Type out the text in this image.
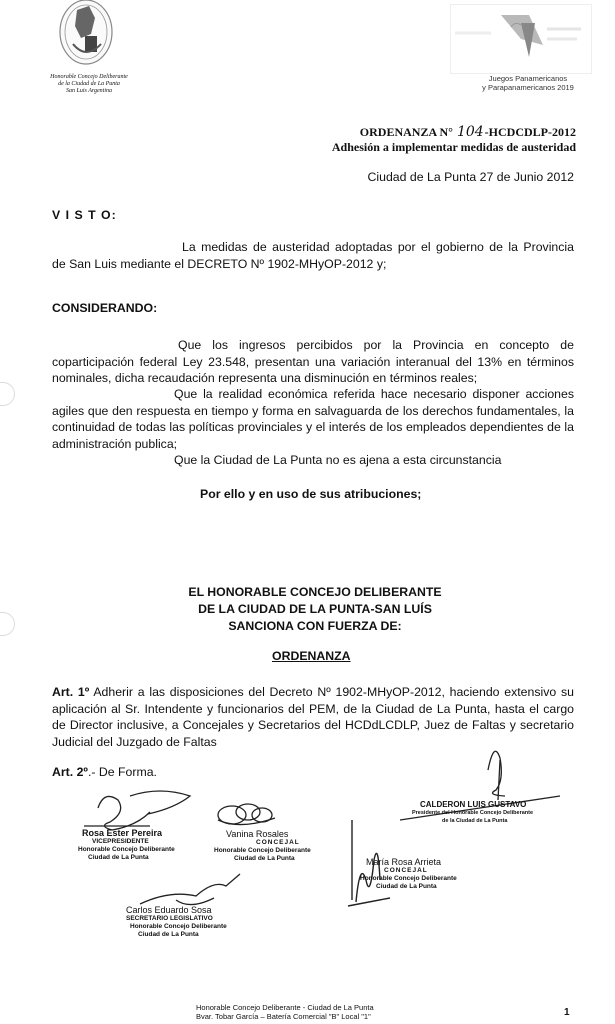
Honorable Concejo Deliberante
de la Ciudad de La Punta
San Luis Argentina
Juegos Panamericanos
y Parapanamericanos 2019
ORDENANZA N° 104-HCDCDLP-2012
Adhesión a implementar medidas de austeridad
Ciudad de La Punta 27 de Junio 2012
V I S T O:
La medidas de austeridad adoptadas por el gobierno de la Provincia
de San Luis mediante el DECRETO Nº 1902-MHyOP-2012 y;
CONSIDERANDO:
Que los ingresos percibidos por la Provincia en concepto de
coparticipación federal Ley 23.548, presentan una variación interanual del 13% en términos nominales, dicha recaudación representa una disminución en términos reales;
Que la realidad económica referida hace necesario disponer acciones
agiles que den respuesta en tiempo y forma en salvaguarda de los derechos fundamentales, la continuidad de todas las políticas provinciales y el interés de los empleados dependientes de la administración publica;
Que la Ciudad de La Punta no es ajena a esta circunstancia
Por ello y en uso de sus atribuciones;
EL HONORABLE CONCEJO DELIBERANTE
DE LA CIUDAD DE LA PUNTA-SAN LUÍS
SANCIONA CON FUERZA DE:
ORDENANZA
Art. 1º Adherir a las disposiciones del Decreto Nº 1902-MHyOP-2012, haciendo extensivo su aplicación al Sr. Intendente y funcionarios del PEM, de la Ciudad de La Punta, hasta el cargo de Director inclusive, a Concejales y Secretarios del HCDdLCDLP, Juez de Faltas y secretario Judicial del Juzgado de Faltas
Art. 2º.- De Forma.
Rosa Ester Pereira
VICEPRESIDENTE
Honorable Concejo Deliberante
Ciudad de La Punta
Vanina Rosales
CONCEJAL
Honorable Concejo Deliberante
Ciudad de La Punta
CALDERON LUIS GUSTAVO
Presidente del Honorable Concejo Deliberante
de la Ciudad de La Punta
María Rosa Arrieta
CONCEJAL
Honorable Concejo Deliberante
Ciudad de La Punta
Carlos Eduardo Sosa
SECRETARIO LEGISLATIVO
Honorable Concejo Deliberante
Ciudad de La Punta
Honorable Concejo Deliberante - Ciudad de La Punta
Bvar. Tobar García – Batería Comercial "B" Local "1"	1
